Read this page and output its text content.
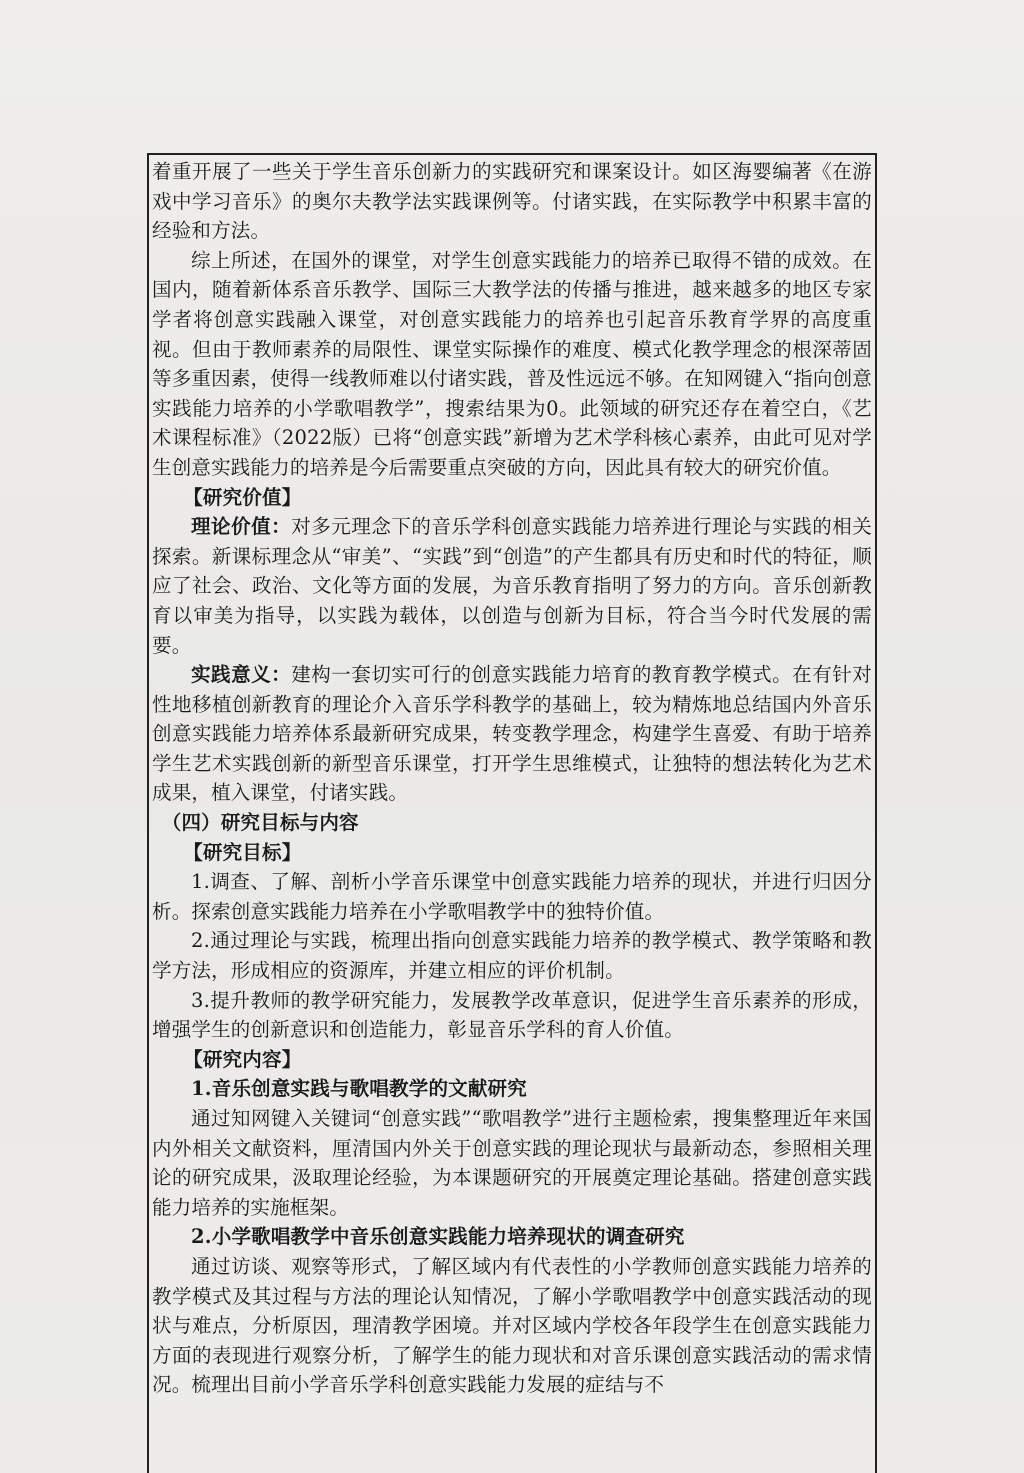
着重开展了一些关于学生音乐创新力的实践研究和课案设计。如区海婴编著《在游戏中学习音乐》的奥尔夫教学法实践课例等。付诸实践，在实际教学中积累丰富的经验和方法。

综上所述，在国外的课堂，对学生创意实践能力的培养已取得不错的成效。在国内，随着新体系音乐教学、国际三大教学法的传播与推进，越来越多的地区专家学者将创意实践融入课堂，对创意实践能力的培养也引起音乐教育学界的高度重视。但由于教师素养的局限性、课堂实际操作的难度、模式化教学理念的根深蒂固等多重因素，使得一线教师难以付诸实践，普及性远远不够。在知网键入“指向创意实践能力培养的小学歌唱教学”，搜索结果为0。此领域的研究还存在着空白，《艺术课程标准》（2022版）已将“创意实践”新增为艺术学科核心素养，由此可见对学生创意实践能力的培养是今后需要重点突破的方向，因此具有较大的研究价值。

【研究价值】

理论价值：对多元理念下的音乐学科创意实践能力培养进行理论与实践的相关探索。新课标理念从“审美”、“实践”到“创造”的产生都具有历史和时代的特征，顺应了社会、政治、文化等方面的发展，为音乐教育指明了努力的方向。音乐创新教育以审美为指导，以实践为载体，以创造与创新为目标，符合当今时代发展的需要。

实践意义：建构一套切实可行的创意实践能力培育的教育教学模式。在有针对性地移植创新教育的理论介入音乐学科教学的基础上，较为精炼地总结国内外音乐创意实践能力培养体系最新研究成果，转变教学理念，构建学生喜爱、有助于培养学生艺术实践创新的新型音乐课堂，打开学生思维模式，让独特的想法转化为艺术成果，植入课堂，付诸实践。

（四）研究目标与内容

【研究目标】

1.调查、了解、剖析小学音乐课堂中创意实践能力培养的现状，并进行归因分析。探索创意实践能力培养在小学歌唱教学中的独特价值。

2.通过理论与实践，梳理出指向创意实践能力培养的教学模式、教学策略和教学方法，形成相应的资源库，并建立相应的评价机制。

3.提升教师的教学研究能力，发展教学改革意识，促进学生音乐素养的形成，增强学生的创新意识和创造能力，彰显音乐学科的育人价值。

【研究内容】

1.音乐创意实践与歌唱教学的文献研究

通过知网键入关键词“创意实践”“歌唱教学”进行主题检索，搜集整理近年来国内外相关文献资料，厘清国内外关于创意实践的理论现状与最新动态，参照相关理论的研究成果，汲取理论经验，为本课题研究的开展奠定理论基础。搭建创意实践能力培养的实施框架。

2.小学歌唱教学中音乐创意实践能力培养现状的调查研究

通过访谈、观察等形式，了解区域内有代表性的小学教师创意实践能力培养的教学模式及其过程与方法的理论认知情况，了解小学歌唱教学中创意实践活动的现状与难点，分析原因，理清教学困境。并对区域内学校各年段学生在创意实践能力方面的表现进行观察分析，了解学生的能力现状和对音乐课创意实践活动的需求情况。梳理出目前小学音乐学科创意实践能力发展的症结与不
